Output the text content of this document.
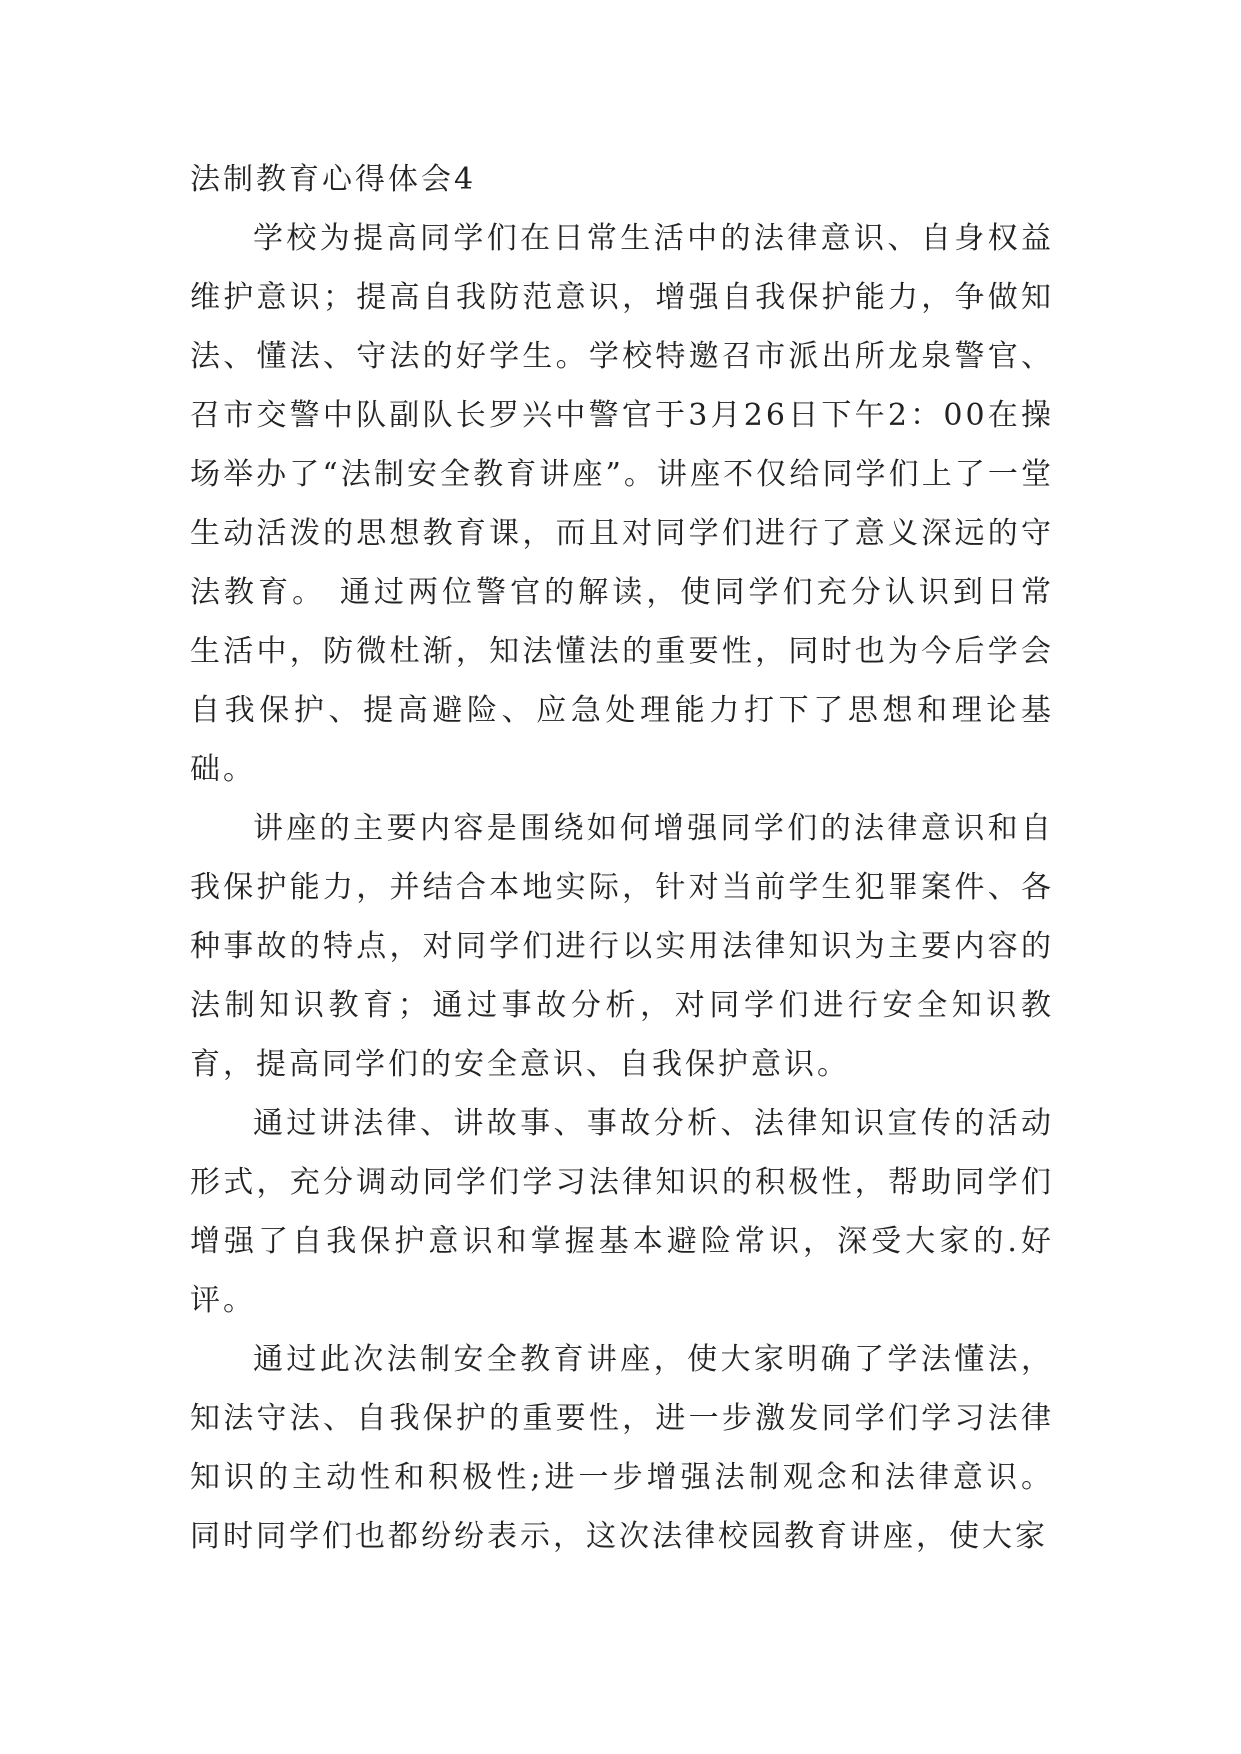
法制教育心得体会4

学校为提高同学们在日常生活中的法律意识、自身权益维护意识；提高自我防范意识，增强自我保护能力，争做知法、懂法、守法的好学生。学校特邀召市派出所龙泉警官、召市交警中队副队长罗兴中警官于3月26日下午2：00在操场举办了“法制安全教育讲座”。讲座不仅给同学们上了一堂生动活泼的思想教育课，而且对同学们进行了意义深远的守法教育。 通过两位警官的解读，使同学们充分认识到日常生活中，防微杜渐，知法懂法的重要性，同时也为今后学会自我保护、提高避险、应急处理能力打下了思想和理论基础。

讲座的主要内容是围绕如何增强同学们的法律意识和自我保护能力，并结合本地实际，针对当前学生犯罪案件、各种事故的特点，对同学们进行以实用法律知识为主要内容的法制知识教育；通过事故分析，对同学们进行安全知识教育，提高同学们的安全意识、自我保护意识。

通过讲法律、讲故事、事故分析、法律知识宣传的活动形式，充分调动同学们学习法律知识的积极性，帮助同学们增强了自我保护意识和掌握基本避险常识，深受大家的.好评。

通过此次法制安全教育讲座，使大家明确了学法懂法，知法守法、自我保护的重要性，进一步激发同学们学习法律知识的主动性和积极性;进一步增强法制观念和法律意识。同时同学们也都纷纷表示，这次法律校园教育讲座，使大家
